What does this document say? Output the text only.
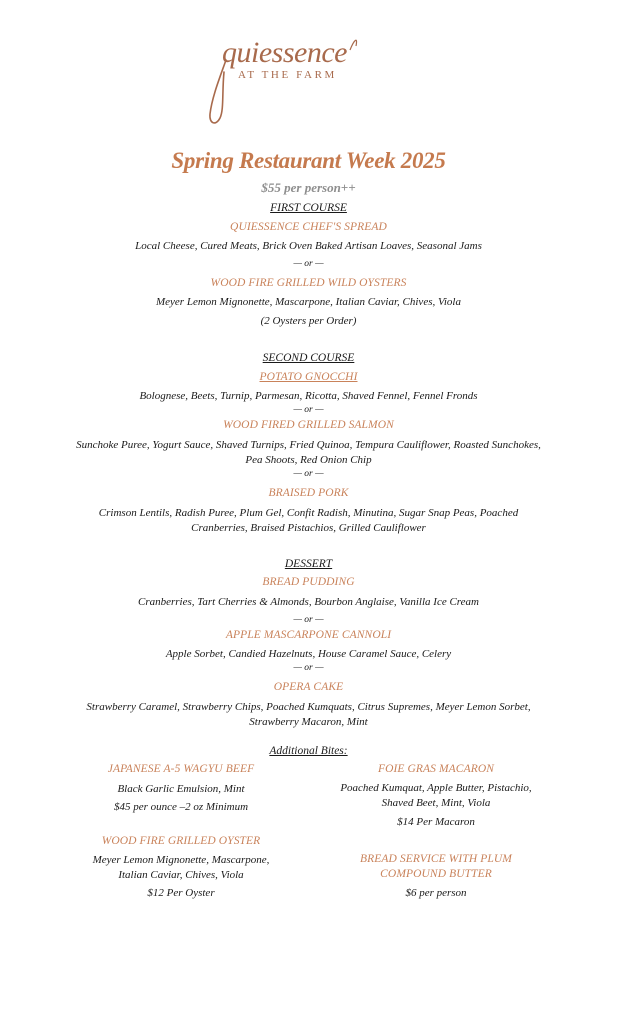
quiessence
AT THE FARM
Spring Restaurant Week 2025
$55 per person++
FIRST COURSE
QUIESSENCE CHEF'S SPREAD
Local Cheese, Cured Meats, Brick Oven Baked Artisan Loaves, Seasonal Jams
— or —
WOOD FIRE GRILLED WILD OYSTERS
Meyer Lemon Mignonette, Mascarpone, Italian Caviar, Chives, Viola
(2 Oysters per Order)
SECOND COURSE
POTATO GNOCCHI
Bolognese, Beets, Turnip, Parmesan, Ricotta, Shaved Fennel, Fennel Fronds
— or —
WOOD FIRED GRILLED SALMON
Sunchoke Puree, Yogurt Sauce, Shaved Turnips, Fried Quinoa, Tempura Cauliflower, Roasted Sunchokes, Pea Shoots, Red Onion Chip
— or —
BRAISED PORK
Crimson Lentils, Radish Puree, Plum Gel, Confit Radish, Minutina, Sugar Snap Peas, Poached Cranberries, Braised Pistachios, Grilled Cauliflower
DESSERT
BREAD PUDDING
Cranberries, Tart Cherries & Almonds, Bourbon Anglaise, Vanilla Ice Cream
— or —
APPLE MASCARPONE CANNOLI
Apple Sorbet, Candied Hazelnuts, House Caramel Sauce, Celery
— or —
OPERA CAKE
Strawberry Caramel, Strawberry Chips, Poached Kumquats, Citrus Supremes, Meyer Lemon Sorbet, Strawberry Macaron, Mint
Additional Bites:
JAPANESE A-5 WAGYU BEEF
Black Garlic Emulsion, Mint
$45 per ounce –2 oz Minimum
WOOD FIRE GRILLED OYSTER
Meyer Lemon Mignonette, Mascarpone, Italian Caviar, Chives, Viola
$12 Per Oyster
FOIE GRAS MACARON
Poached Kumquat, Apple Butter, Pistachio, Shaved Beet, Mint, Viola
$14 Per Macaron
BREAD SERVICE WITH PLUM COMPOUND BUTTER
$6 per person
